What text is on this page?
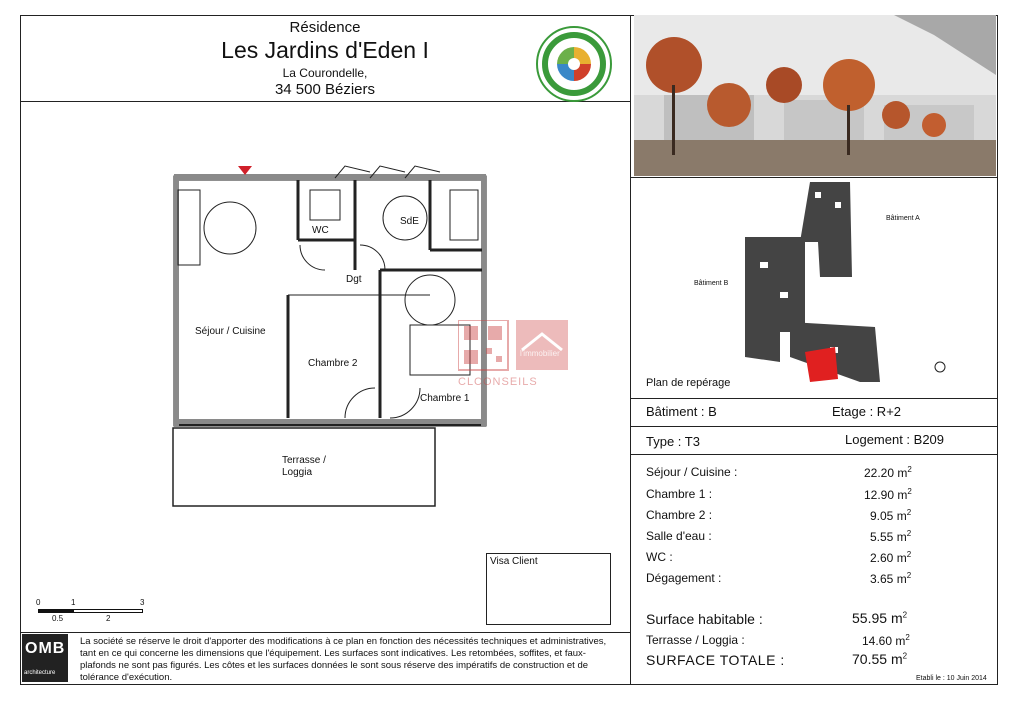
Résidence
Les Jardins d'Eden I
La Courondelle,
34 500 Béziers
WC
SdE
Dgt
Séjour / Cuisine
Chambre 2
Chambre 1
Terrasse /
Loggia
l'immobilier
CLCONSEILS
Visa Client
0	1	3
0.5	2
OMB
architecture
La société se réserve le droit d'apporter des modifications à ce plan en fonction des nécessités techniques et administratives, tant en ce qui concerne les dimensions que l'équipement. Les surfaces sont indicatives. Les retombées, soffites, et faux-plafonds ne sont pas figurés. Les côtes et les surfaces données le sont sous réserve des impératifs de construction et de tolérance d'exécution.
Bâtiment A
Bâtiment B
Plan de repérage
Bâtiment : B	Etage : R+2
Type : T3	Logement : B209
Séjour / Cuisine :	22.20 $m^2$
Chambre 1 :	12.90 $m^2$
Chambre 2 :	9.05 $m^2$
Salle d'eau :	5.55 $m^2$
WC :	2.60 $m^2$
Dégagement :	3.65 $m^2$
Surface habitable :	55.95 $m^2$
Terrasse / Loggia :	14.60 $m^2$
SURFACE TOTALE :	70.55 $m^2$
Etabli le : 10 Juin 2014
